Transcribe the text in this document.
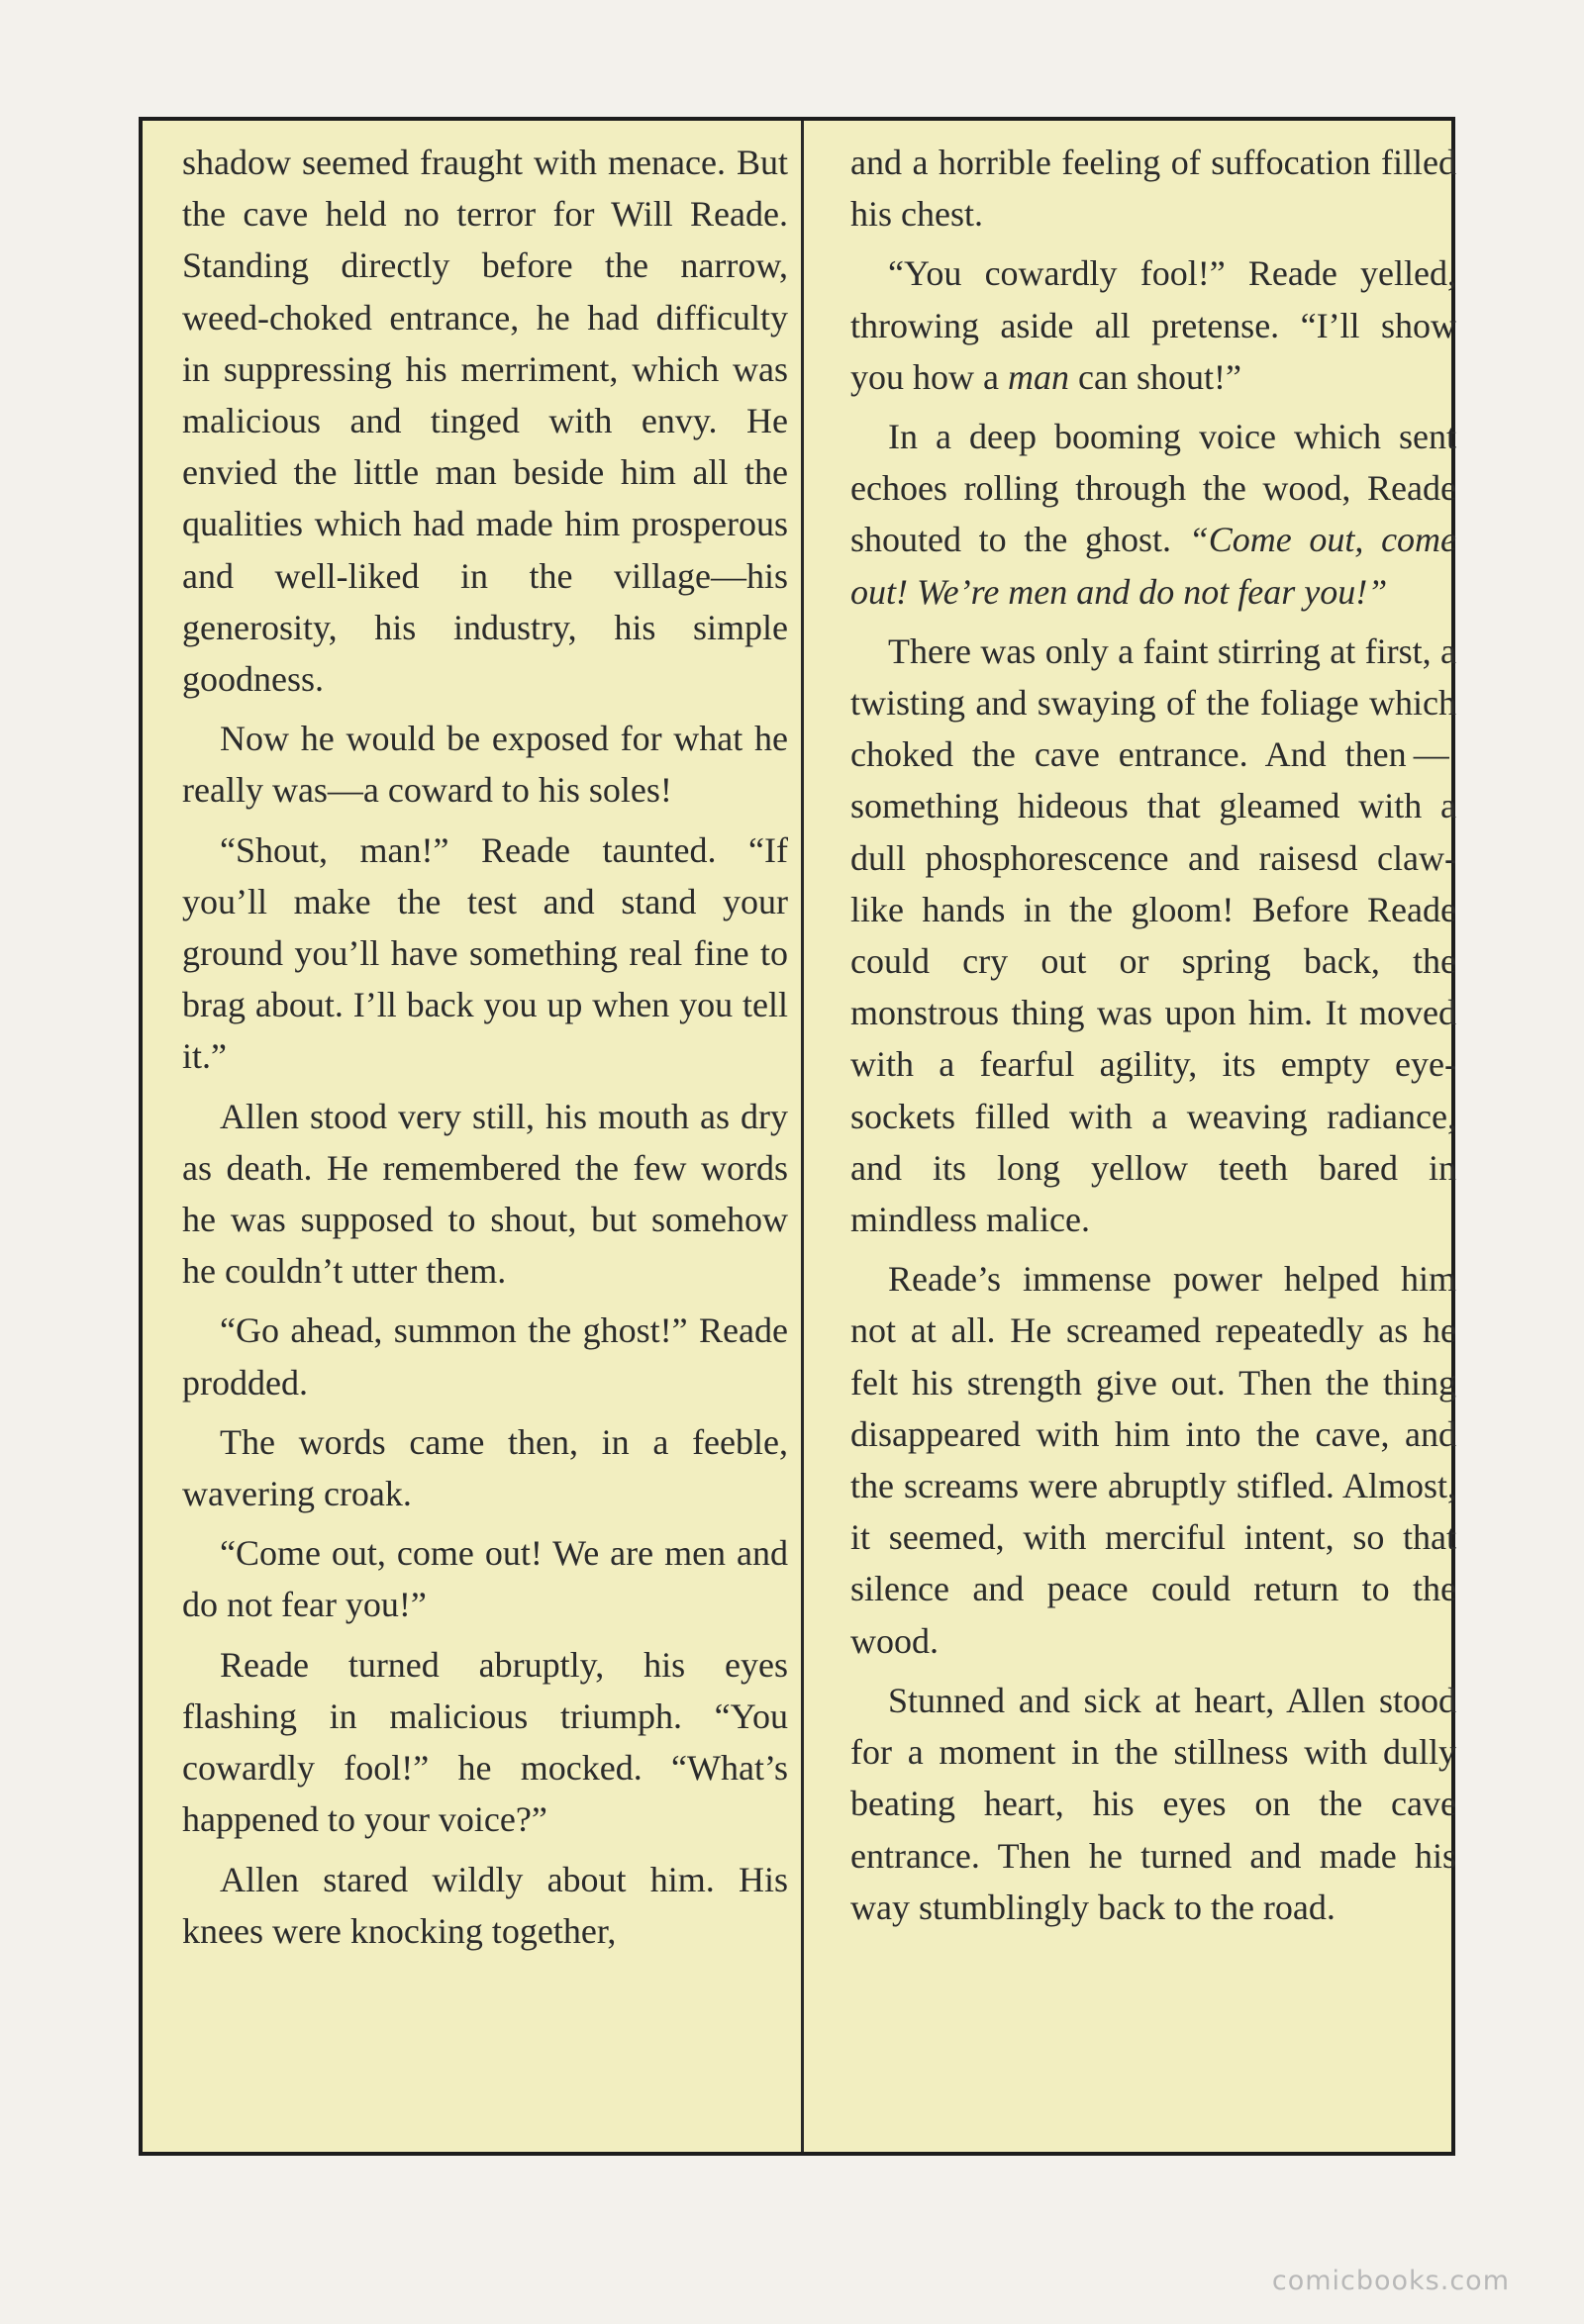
shadow seemed fraught with menace. But the cave held no terror for Will Reade. Standing directly before the narrow, weed-choked entrance, he had difficulty in suppressing his merriment, which was malicious and tinged with envy. He envied the little man beside him all the qualities which had made him prosperous and well-liked in the village—his generosity, his industry, his simple goodness.

Now he would be exposed for what he really was—a coward to his soles!

“Shout, man!” Reade taunted. “If you’ll make the test and stand your ground you’ll have something real fine to brag about. I’ll back you up when you tell it.”

Allen stood very still, his mouth as dry as death. He remembered the few words he was supposed to shout, but somehow he couldn’t utter them.

“Go ahead, summon the ghost!” Reade prodded.

The words came then, in a feeble, wavering croak.

“Come out, come out! We are men and do not fear you!”

Reade turned abruptly, his eyes flashing in malicious triumph. “You cowardly fool!” he mocked. “What’s happened to your voice?”

Allen stared wildly about him. His knees were knocking together,

and a horrible feeling of suffocation filled his chest.

“You cowardly fool!” Reade yelled, throwing aside all pretense. “I’ll show you how a man can shout!”

In a deep booming voice which sent echoes rolling through the wood, Reade shouted to the ghost. “Come out, come out! We’re men and do not fear you!”

There was only a faint stirring at first, a twisting and swaying of the foliage which choked the cave entrance. And then — something hideous that gleamed with a dull phosphorescence and raisesd claw-like hands in the gloom! Before Reade could cry out or spring back, the monstrous thing was upon him. It moved with a fearful agility, its empty eye-sockets filled with a weaving radiance, and its long yellow teeth bared in mindless malice.

Reade’s immense power helped him not at all. He screamed repeatedly as he felt his strength give out. Then the thing disappeared with him into the cave, and the screams were abruptly stifled. Almost, it seemed, with merciful intent, so that silence and peace could return to the wood.

Stunned and sick at heart, Allen stood for a moment in the stillness with dully beating heart, his eyes on the cave entrance. Then he turned and made his way stumblingly back to the road.

comicbooks.com
